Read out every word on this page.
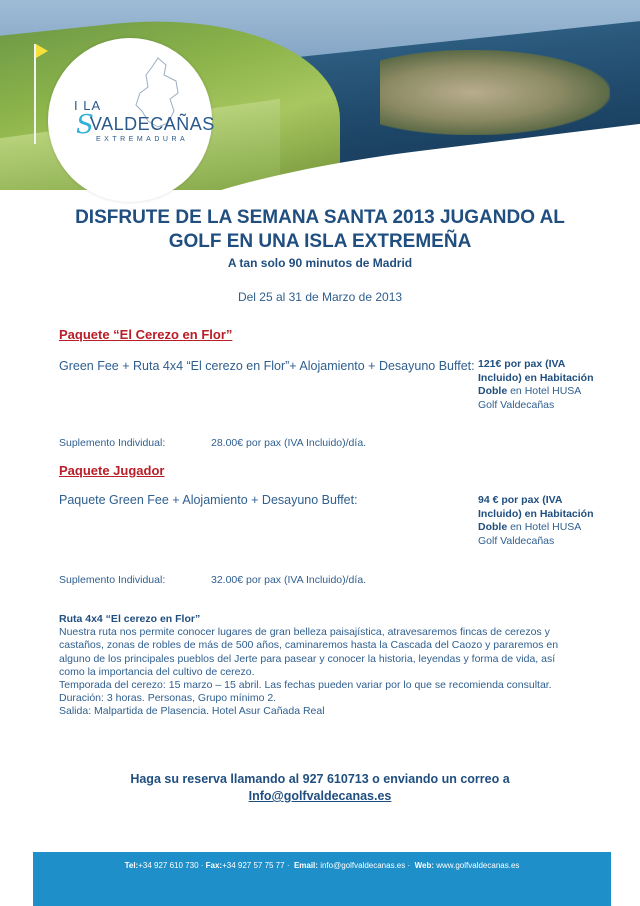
I LA
S
VALDECAÑAS
EXTREMADURA
DISFRUTE DE LA SEMANA SANTA 2013 JUGANDO AL
GOLF EN UNA ISLA EXTREMEÑA
A tan solo 90 minutos de Madrid
Del 25 al 31 de Marzo de 2013
Paquete “El Cerezo en Flor”
Green Fee + Ruta 4x4 “El cerezo en Flor”+ Alojamiento + Desayuno Buffet: 121€ por pax (IVA Incluido) en Habitación Doble en Hotel HUSA Golf Valdecañas
Suplemento Individual:	28.00€ por pax (IVA Incluido)/día.
Paquete Jugador
Paquete Green Fee + Alojamiento + Desayuno Buffet:	94 € por pax (IVA Incluido) en Habitación Doble en Hotel HUSA Golf Valdecañas
Suplemento Individual:	32.00€ por pax (IVA Incluido)/día.
Ruta 4x4 “El cerezo en Flor”
Nuestra ruta nos permite conocer lugares de gran belleza paisajística, atravesaremos fincas de cerezos y castaños, zonas de robles de más de 500 años, caminaremos hasta la Cascada del Caozo y pararemos en alguno de los principales pueblos del Jerte para pasear y conocer la historia, leyendas y forma de vida, así como la importancia del cultivo de cerezo.
Temporada del cerezo: 15 marzo – 15 abril. Las fechas pueden variar por lo que se recomienda consultar.
Duración: 3 horas. Personas, Grupo mínimo 2.
Salida: Malpartida de Plasencia. Hotel Asur Cañada Real
Haga su reserva llamando al 927 610713 o enviando un correo a
Info@golfvaldecanas.es
Tel:+34 927 610 730 · Fax:+34 927 57 75 77 ·  Email: info@golfvaldecanas.es ·  Web: www.golfvaldecanas.es
